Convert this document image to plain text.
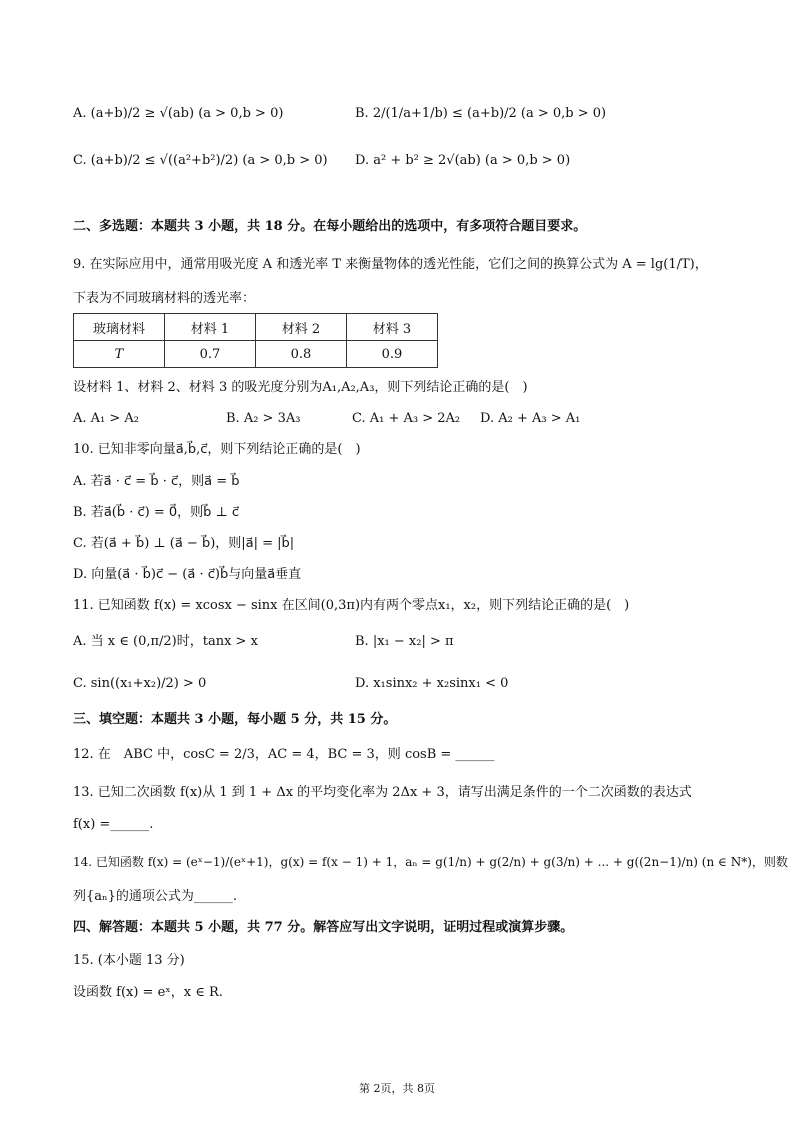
A. (a+b)/2 ≥ √(ab) (a > 0,b > 0)	B. 2/(1/a+1/b) ≤ (a+b)/2 (a > 0,b > 0)
C. (a+b)/2 ≤ √((a²+b²)/2) (a > 0,b > 0) D. a² + b² ≥ 2√(ab) (a > 0,b > 0)
二、多选题：本题共 3 小题，共 18 分。在每小题给出的选项中，有多项符合题目要求。
9. 在实际应用中，通常用吸光度 A 和透光率 T 来衡量物体的透光性能，它们之间的换算公式为 A = lg(1/T)，
下表为不同玻璃材料的透光率：
玻璃材料	材料 1	材料 2	材料 3
T	0.7	0.8	0.9
设材料 1、材料 2、材料 3 的吸光度分别为A₁,A₂,A₃，则下列结论正确的是(　)
A. A₁ > A₂	B. A₂ > 3A₃	C. A₁ + A₃ > 2A₂ D. A₂ + A₃ > A₁
10. 已知非零向量a⃗,b⃗,c⃗，则下列结论正确的是(　)
A. 若a⃗ · c⃗ = b⃗ · c⃗，则a⃗ = b⃗
B. 若a⃗(b⃗ · c⃗) = 0⃗，则b⃗ ⊥ c⃗
C. 若(a⃗ + b⃗) ⊥ (a⃗ − b⃗)，则|a⃗| = |b⃗|
D. 向量(a⃗ · b⃗)c⃗ − (a⃗ · c⃗)b⃗与向量a⃗垂直
11. 已知函数 f(x) = xcosx − sinx 在区间(0,3π)内有两个零点x₁，x₂，则下列结论正确的是(　)
A. 当 x ∈ (0,π/2)时，tanx > x	B. |x₁ − x₂| > π
C. sin((x₁+x₂)/2) > 0	D. x₁sinx₂ + x₂sinx₁ < 0
三、填空题：本题共 3 小题，每小题 5 分，共 15 分。
12. 在　ABC 中，cosC = 2/3，AC = 4，BC = 3，则 cosB = ______
13. 已知二次函数 f(x)从 1 到 1 + Δx 的平均变化率为 2Δx + 3，请写出满足条件的一个二次函数的表达式
f(x) =______.
14. 已知函数 f(x) = (eˣ−1)/(eˣ+1)，g(x) = f(x − 1) + 1，aₙ = g(1/n) + g(2/n) + g(3/n) + ... + g((2n−1)/n) (n ∈ N*)，则数
列{aₙ}的通项公式为______.
四、解答题：本题共 5 小题，共 77 分。解答应写出文字说明，证明过程或演算步骤。
15. (本小题 13 分)
设函数 f(x) = eˣ，x ∈ R.
第 2页，共 8页
